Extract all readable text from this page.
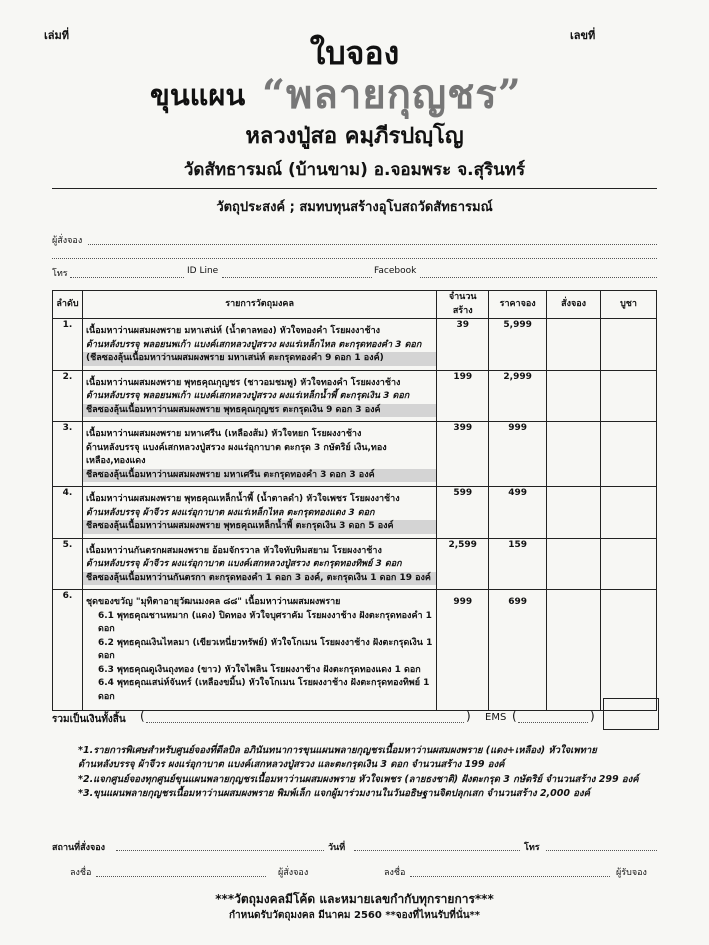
เล่มที่	เลขที่
ใบจอง
ขุนแผน “พลายกุญชร”
หลวงปู่สอ คมฺภีรปญฺโญ
วัดสัทธารมณ์ (บ้านขาม) อ.จอมพระ จ.สุรินทร์
วัตถุประสงค์ ; สมทบทุนสร้างอุโบสถวัดสัทธารมณ์
ผู้สั่งจอง
โทร	ID Line	Facebook
ลำดับ	รายการวัตถุมงคล	จำนวนสร้าง	ราคาจอง	สั่งจอง	บูชา
1.	เนื้อมหาว่านผสมผงพราย มหาเสน่ห์ (น้ำตาลทอง) หัวใจทองคำ โรยผงงาช้าง
ด้านหลังบรรจุ พลอยนพเก้า แบงค์เสกหลวงปู่สรวง ผงแร่เหล็กไหล ตะกรุดทองคำ 3 ดอก
(ชีลซองลุ้นเนื้อมหาว่านผสมผงพราย มหาเสน่ห์ ตะกรุดทองคำ 9 ดอก 1 องค์)	39	5,999		
2.	เนื้อมหาว่านผสมผงพราย พุทธคุณกุญชร (ชาวอมชมพู) หัวใจทองคำ โรยผงงาช้าง
ด้านหลังบรรจุ พลอยนพเก้า แบงค์เสกหลวงปู่สรวง ผงแร่เหล็กน้ำพี้ ตะกรุดเงิน 3 ดอก
ชีลซองลุ้นเนื้อมหาว่านผสมผงพราย พุทธคุณกุญชร ตะกรุดเงิน 9 ดอก 3 องค์	199	2,999		
3.	เนื้อมหาว่านผสมผงพราย มหาเศรีน (เหลืองส้ม) หัวใจหยก โรยผงงาช้าง
ด้านหลังบรรจุ แบงค์เสกหลวงปู่สรวง ผงแร่อุกาบาต ตะกรุด 3 กษัตริย์ เงิน,ทองเหลือง,ทองแดง
ชีลซองลุ้นเนื้อมหาว่านผสมผงพราย มหาเศรีน ตะกรุดทองคำ 3 ดอก 3 องค์	399	999		
4.	เนื้อมหาว่านผสมผงพราย พุทธคุณเหล็กน้ำพี้ (น้ำตาลดำ) หัวใจเพชร โรยผงงาช้าง
ด้านหลังบรรจุ ผ้าจีวร ผงแร่อุกาบาต ผงแร่เหล็กไหล ตะกรุดทองแดง 3 ดอก
ชีลซองลุ้นเนื้อมหาว่านผสมผงพราย พุทธคุณเหล็กน้ำพี้ ตะกรุดเงิน 3 ดอก 5 องค์	599	499		
5.	เนื้อมหาว่านกันตรกผสมผงพราย อ้อมจักรวาล หัวใจทับทิมสยาม โรยผงงาช้าง
ด้านหลังบรรจุ ผ้าจีวร ผงแร่อุกาบาต แบงค์เสกหลวงปู่สรวง ตะกรุดทองทิพย์ 3 ดอก
ชีลซองลุ้นเนื้อมหาว่านกันตรกา ตะกรุดทองคำ 1 ดอก 3 องค์, ตะกรุดเงิน 1 ดอก 19 องค์	2,599	159		
6.	ชุดของขวัญ "มุทิตาอายุวัฒนมงคล ๘๘" เนื้อมหาว่านผสมผงพราย
6.1 พุทธคุณชานหมาก (แดง) ปิดทอง หัวใจบุศราคัม โรยผงงาช้าง ฝังตะกรุดทองคำ 1 ดอก
6.2 พุทธคุณเงินไหลมา (เขียวเหนี่ยวทรัพย์) หัวใจโกเมน โรยผงงาช้าง ฝังตะกรุดเงิน 1 ดอก
6.3 พุทธคุณดูเงินถุงทอง (ขาว) หัวใจไพลิน โรยผงงาช้าง ฝังตะกรุดทองแดง 1 ดอก
6.4 พุทธคุณเสน่ห์จันทร์ (เหลืองขมิ้น) หัวใจโกเมน โรยผงงาช้าง ฝังตะกรุดทองทิพย์ 1 ดอก	999	699		
รวมเป็นเงินทั้งสิ้น (	) EMS (	)
*1.รายการพิเศษสำหรับศูนย์จองที่ดีลบิล อภินันทนาการขุนแผนพลายกุญชรเนื้อมหาว่านผสมผงพราย (แดง+เหลือง) หัวใจเพทาย
ด้านหลังบรรจุ ผ้าจีวร ผงแร่อุกาบาต แบงค์เสกหลวงปู่สรวง และตะกรุดเงิน 3 ดอก จำนวนสร้าง 199 องค์
*2.แจกศูนย์จองทุกศูนย์ขุนแผนพลายกุญชรเนื้อมหาว่านผสมผงพราย หัวใจเพชร (ลายธงชาติ) ฝังตะกรุด 3 กษัตริย์ จำนวนสร้าง 299 องค์
*3.ขุนแผนพลายกุญชรเนื้อมหาว่านผสมผงพราย พิมพ์เล็ก แจกผู้มาร่วมงานในวันอธิษฐานจิตปลุกเสก จำนวนสร้าง 2,000 องค์
สถานที่สั่งจอง	วันที่	โทร
ลงชื่อ	ผู้สั่งจอง	ลงชื่อ	ผู้รับจอง
***วัตถุมงคลมีโค้ด และหมายเลขกำกับทุกรายการ***
กำหนดรับวัตถุมงคล มีนาคม 2560 **จองที่ไหนรับที่นั่น**
